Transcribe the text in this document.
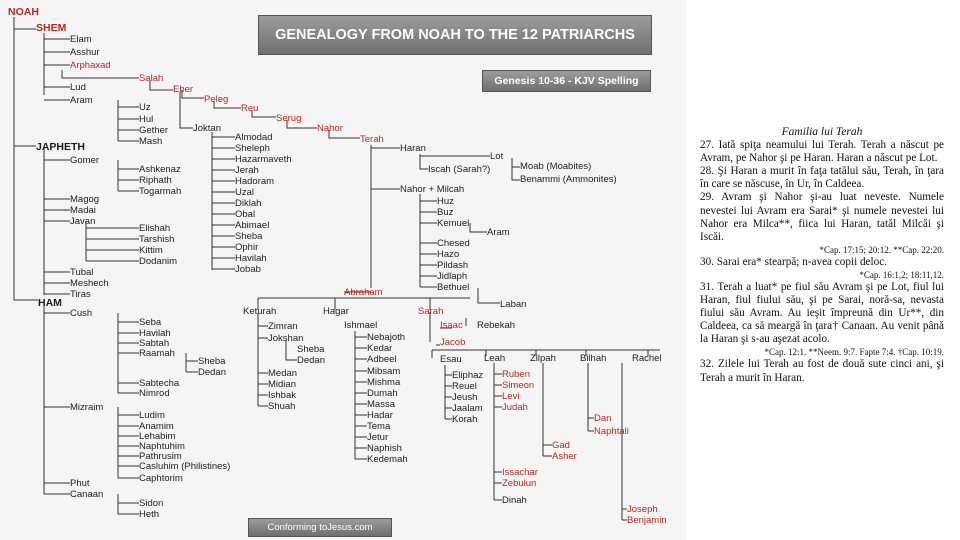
GENEALOGY FROM NOAH TO THE 12 PATRIARCHS
Genesis 10-36 - KJV Spelling
Conforming toJesus.com
NOAH
SHEM
Elam
Asshur
Arphaxad
Salah
Eber
Peleg
Reu
Serug
Nahor
Terah
Lud
Aram
Uz
Hul
Gether
Mash
Joktan
Almodad
Sheleph
Hazarmaveth
Jerah
Hadoram
Uzal
Diklah
Obal
Abimael
Sheba
Ophir
Havilah
Jobab
Haran
Lot
Iscah (Sarah?)	Moab (Moabites)
Benammi (Ammonites)
Nahor + Milcah
Huz
Buz
Kemuel
Aram
Chesed
Hazo
Pildash
Jidlaph
Bethuel
Laban
JAPHETH
Gomer
Ashkenaz
Riphath
Togarmah
Magog
Madai
Javan
Elishah
Tarshish
Kittim
Dodanim
Tubal
Meshech
Tiras	Abraham
Keturah	Hagar	Sarah
Zimran
Jokshan
Sheba
Dedan
Medan
Midian
Ishbak
Shuah
Ishmael
Nebajoth
Kedar
Adbeel
Mibsam
Mishma
Dumah
Massa
Hadar
Tema
Jetur
Naphish
Kedemah
Isaac Rebekah
Jacob
Esau Leah	Zilpah	Bilhah	Rachel
Eliphaz
Reuel
Jeush
Jaalam
Korah
Ruben
Simeon
Levi
Judah
Issachar
Zebulun
Dinah
Gad
Asher
Dan
Naphtali
Joseph
Benjamin
HAM
Cush
Seba
Havilah
Sabtah
Raamah
Sheba
Dedan
Sabtecha
Nimrod
Mizraim
Ludim
Anamim
Lehabim
Naphtuhim
Pathrusim
Casluhim (Philistines)
Caphtorim
Phut
Canaan
Sidon
Heth

Familia lui Terah

27. Iată spiţa neamului lui Terah. Terah a născut pe Avram, pe Nahor şi pe Haran. Haran a născut pe Lot.

28. Şi Haran a murit în faţa tatălui său, Terah, în ţara în care se născuse, în Ur, în Caldeea.

29. Avram şi Nahor şi-au luat neveste. Numele nevestei lui Avram era Sarai* şi numele nevestei lui Nahor era Milca**, fiica lui Haran, tatăl Milcăi şi Iscăi.

*Cap. 17:15; 20:12. **Cap. 22:20.

30. Sarai era* stearpă; n-avea copii deloc.

*Cap. 16:1,2; 18:11,12.

31. Terah a luat* pe fiul său Avram şi pe Lot, fiul lui Haran, fiul fiului său, şi pe Sarai, noră-sa, nevasta fiului său Avram. Au ieşit împreună din Ur**, din Caldeea, ca să meargă în ţara† Canaan. Au venit până la Haran şi s-au aşezat acolo.

*Cap. 12:1. **Neem. 9:7. Fapte 7:4. †Cap. 10:19.

32. Zilele lui Terah au fost de două sute cinci ani, şi Terah a murit în Haran.
